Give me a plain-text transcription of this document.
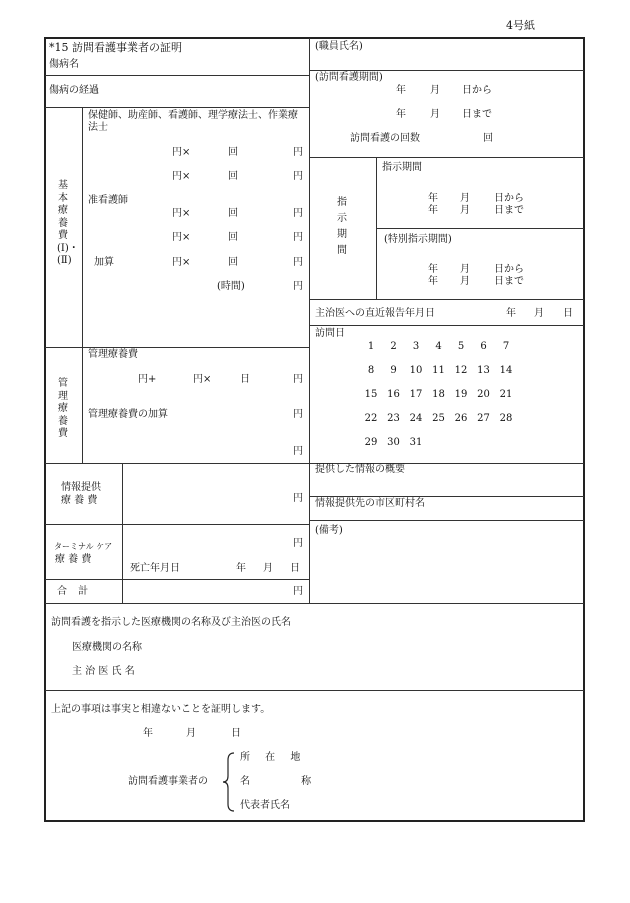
4号紙
*15 訪問看護事業者の証明
傷病名
傷病の経過
基本療養費(Ⅰ)・(Ⅱ)
保健師、助産師、看護師、理学療法士、作業療法士
円×	回	円
円×	回	円
准看護師
円×	回	円
円×	回	円
加算	円×	回	円
(時間)	円
管理療養費
管理療養費
円+	円×	日	円
管理療養費の加算	円
円
情報提供
療 養 費	円
ターミナル ケア
療 養 費
円
死亡年月日	年 月 日
合 計	円
(職員氏名)
(訪問看護期間)
年 月 日から
年 月 日まで
訪問看護の回数	回
指示期間
指示期間
年 月 日から
年 月 日まで
(特別指示期間)
年 月 日から
年 月 日まで
主治医への直近報告年月日	年 月 日
訪問日
1	2	3	4	5	6	7
8	9	10 11 12 13 14
15 16 17 18 19 20 21
22 23 24 25 26 27 28
29 30 31
提供した情報の概要
情報提供先の市区町村名
(備考)
訪問看護を指示した医療機関の名称及び主治医の氏名
医療機関の名称
主 治 医 氏 名
上記の事項は事実と相違ないことを証明します。
年	月	日
訪問看護事業者の
所 在 地
名 称
代表者氏名
